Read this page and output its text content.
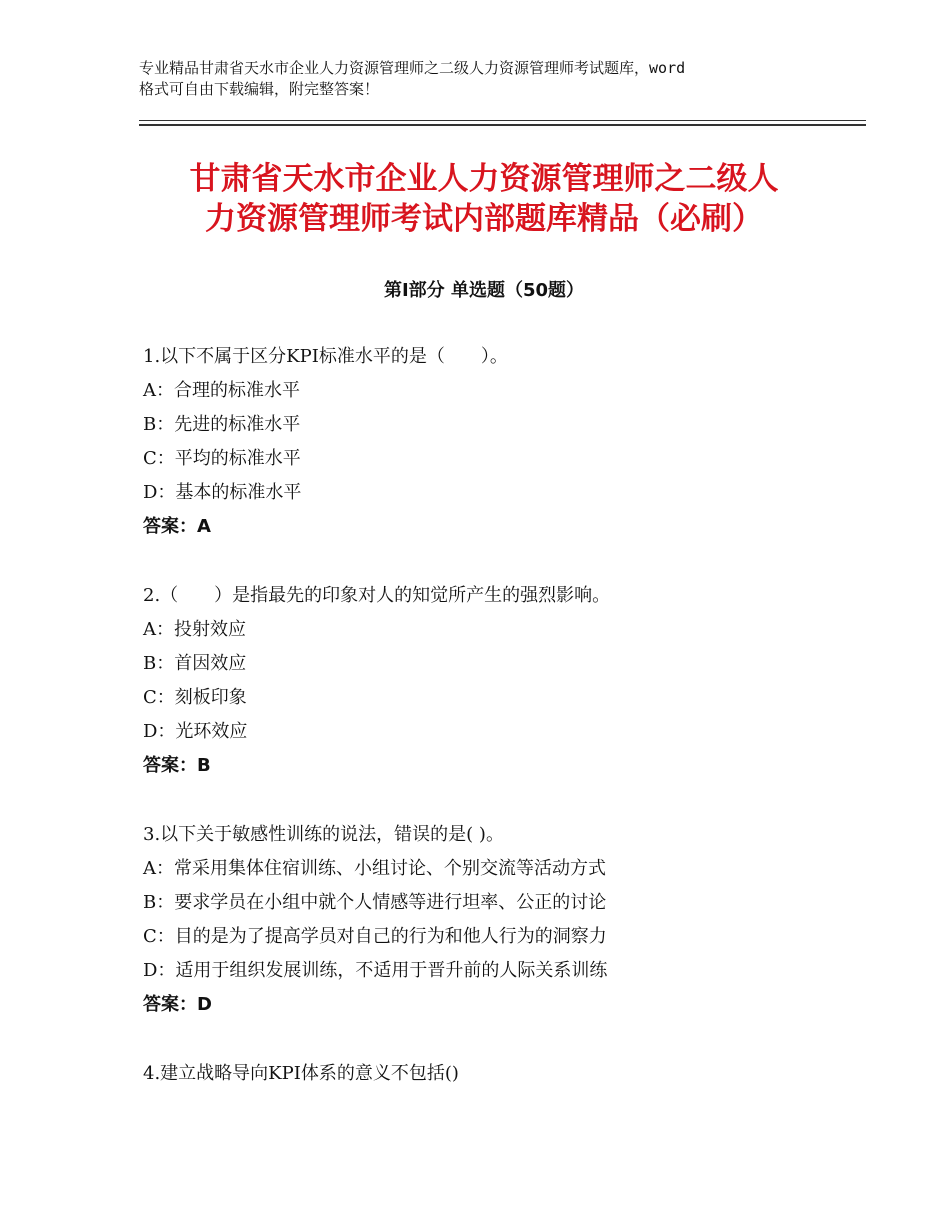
专业精品甘肃省天水市企业人力资源管理师之二级人力资源管理师考试题库，word
格式可自由下载编辑，附完整答案！
甘肃省天水市企业人力资源管理师之二级人
力资源管理师考试内部题库精品（必刷）
第Ⅰ部分 单选题（50题）
1.以下不属于区分KPI标准水平的是（　　）。
A：合理的标准水平
B：先进的标准水平
C：平均的标准水平
D：基本的标准水平
答案：A
2.（　　）是指最先的印象对人的知觉所产生的强烈影响。
A：投射效应
B：首因效应
C：刻板印象
D：光环效应
答案：B
3.以下关于敏感性训练的说法，错误的是( )。
A：常采用集体住宿训练、小组讨论、个别交流等活动方式
B：要求学员在小组中就个人情感等进行坦率、公正的讨论
C：目的是为了提高学员对自己的行为和他人行为的洞察力
D：适用于组织发展训练，不适用于晋升前的人际关系训练
答案：D
4.建立战略导向KPI体系的意义不包括()
